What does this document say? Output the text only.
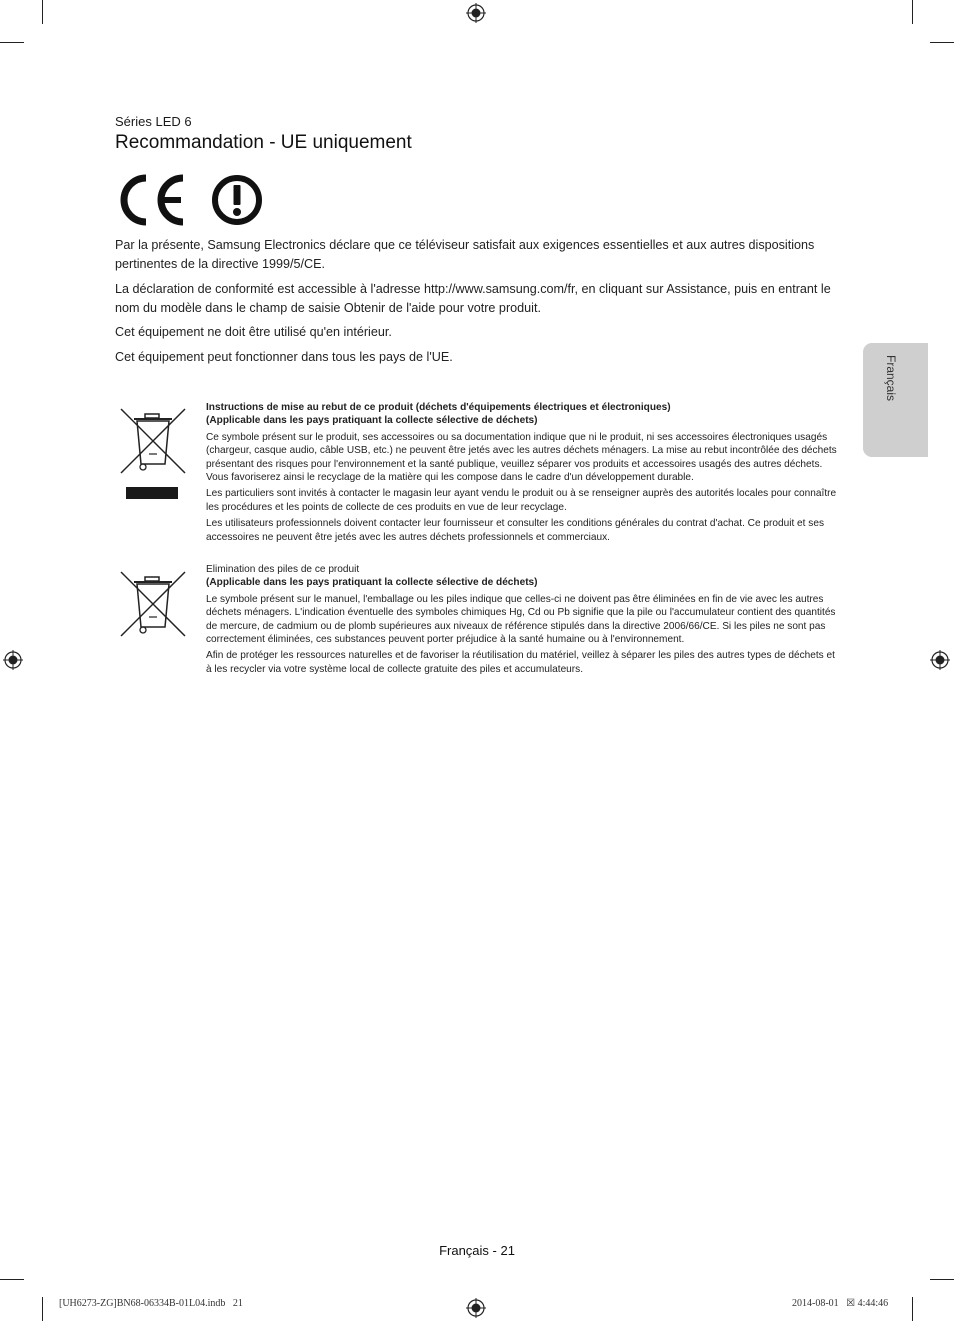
Séries LED 6
Recommandation - UE uniquement
Par la présente, Samsung Electronics déclare que ce téléviseur satisfait aux exigences essentielles et aux autres dispositions pertinentes de la directive 1999/5/CE.
La déclaration de conformité est accessible à l'adresse http://www.samsung.com/fr, en cliquant sur Assistance, puis en entrant le nom du modèle dans le champ de saisie Obtenir de l'aide pour votre produit.
Cet équipement ne doit être utilisé qu'en intérieur.
Cet équipement peut fonctionner dans tous les pays de l'UE.
Instructions de mise au rebut de ce produit (déchets d'équipements électriques et électroniques)
(Applicable dans les pays pratiquant la collecte sélective de déchets)

Ce symbole présent sur le produit, ses accessoires ou sa documentation indique que ni le produit, ni ses accessoires électroniques usagés (chargeur, casque audio, câble USB, etc.) ne peuvent être jetés avec les autres déchets ménagers. La mise au rebut incontrôlée des déchets présentant des risques pour l'environnement et la santé publique, veuillez séparer vos produits et accessoires usagés des autres déchets. Vous favoriserez ainsi le recyclage de la matière qui les compose dans le cadre d'un développement durable.

Les particuliers sont invités à contacter le magasin leur ayant vendu le produit ou à se renseigner auprès des autorités locales pour connaître les procédures et les points de collecte de ces produits en vue de leur recyclage.

Les utilisateurs professionnels doivent contacter leur fournisseur et consulter les conditions générales du contrat d'achat. Ce produit et ses accessoires ne peuvent être jetés avec les autres déchets professionnels et commerciaux.

Elimination des piles de ce produit
(Applicable dans les pays pratiquant la collecte sélective de déchets)

Le symbole présent sur le manuel, l'emballage ou les piles indique que celles-ci ne doivent pas être éliminées en fin de vie avec les autres déchets ménagers. L'indication éventuelle des symboles chimiques Hg, Cd ou Pb signifie que la pile ou l'accumulateur contient des quantités de mercure, de cadmium ou de plomb supérieures aux niveaux de référence stipulés dans la directive 2006/66/CE. Si les piles ne sont pas correctement éliminées, ces substances peuvent porter préjudice à la santé humaine ou à l'environnement.

Afin de protéger les ressources naturelles et de favoriser la réutilisation du matériel, veillez à séparer les piles des autres types de déchets et à les recycler via votre système local de collecte gratuite des piles et accumulateurs.

Français
Français - 21
[UH6273-ZG]BN68-06334B-01L04.indb   21	2014-08-01   ☒ 4:44:46
